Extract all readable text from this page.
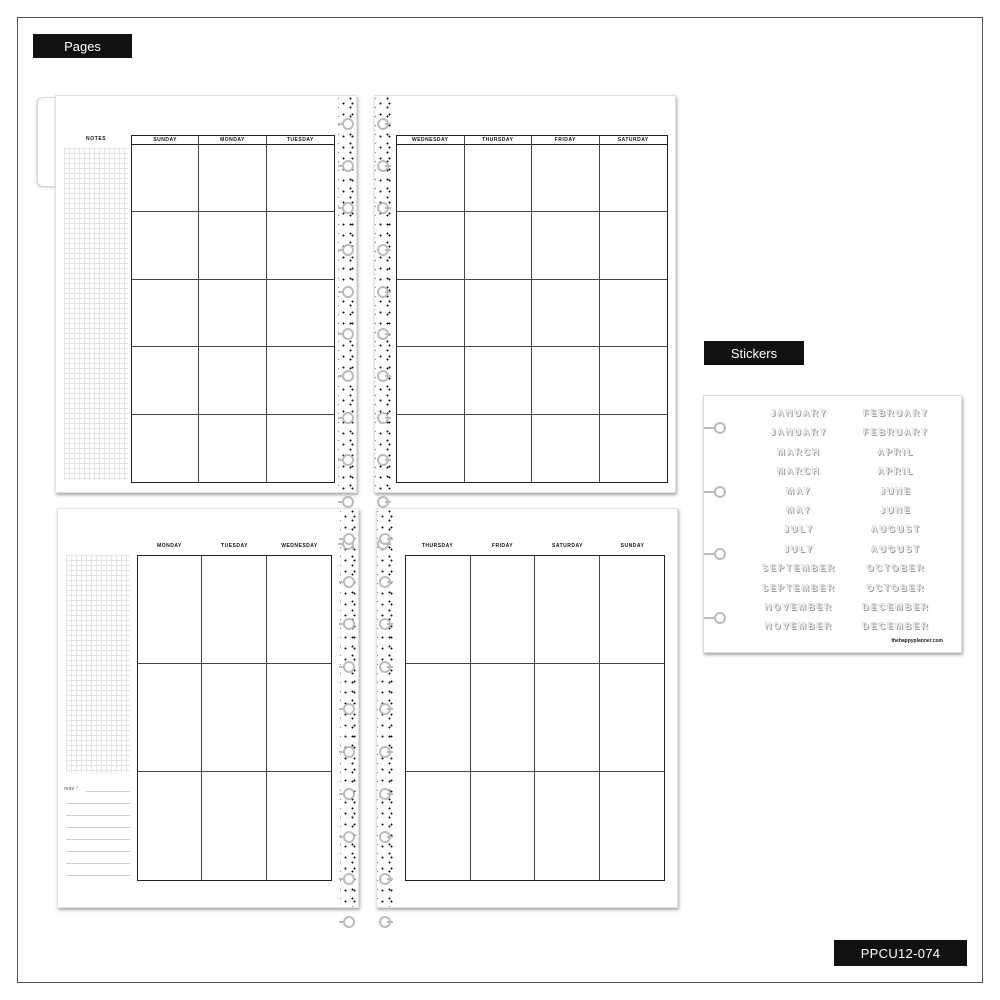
Pages
Stickers
PPCU12-074
NOTES	SUNDAY	MONDAY	TUESDAY	WEDNESDAY	THURSDAY	FRIDAY	SATURDAY
note /
MONDAY	TUESDAY	WEDNESDAY	THURSDAY	FRIDAY	SATURDAY	SUNDAY
JANUARY	FEBRUARY
JANUARY	FEBRUARY
MARCH	APRIL
MARCH	APRIL
MAY	JUNE
MAY	JUNE
JULY	AUGUST
JULY	AUGUST
SEPTEMBER	OCTOBER
SEPTEMBER	OCTOBER
NOVEMBER	DECEMBER
NOVEMBER	DECEMBER
thehappyplanner.com
